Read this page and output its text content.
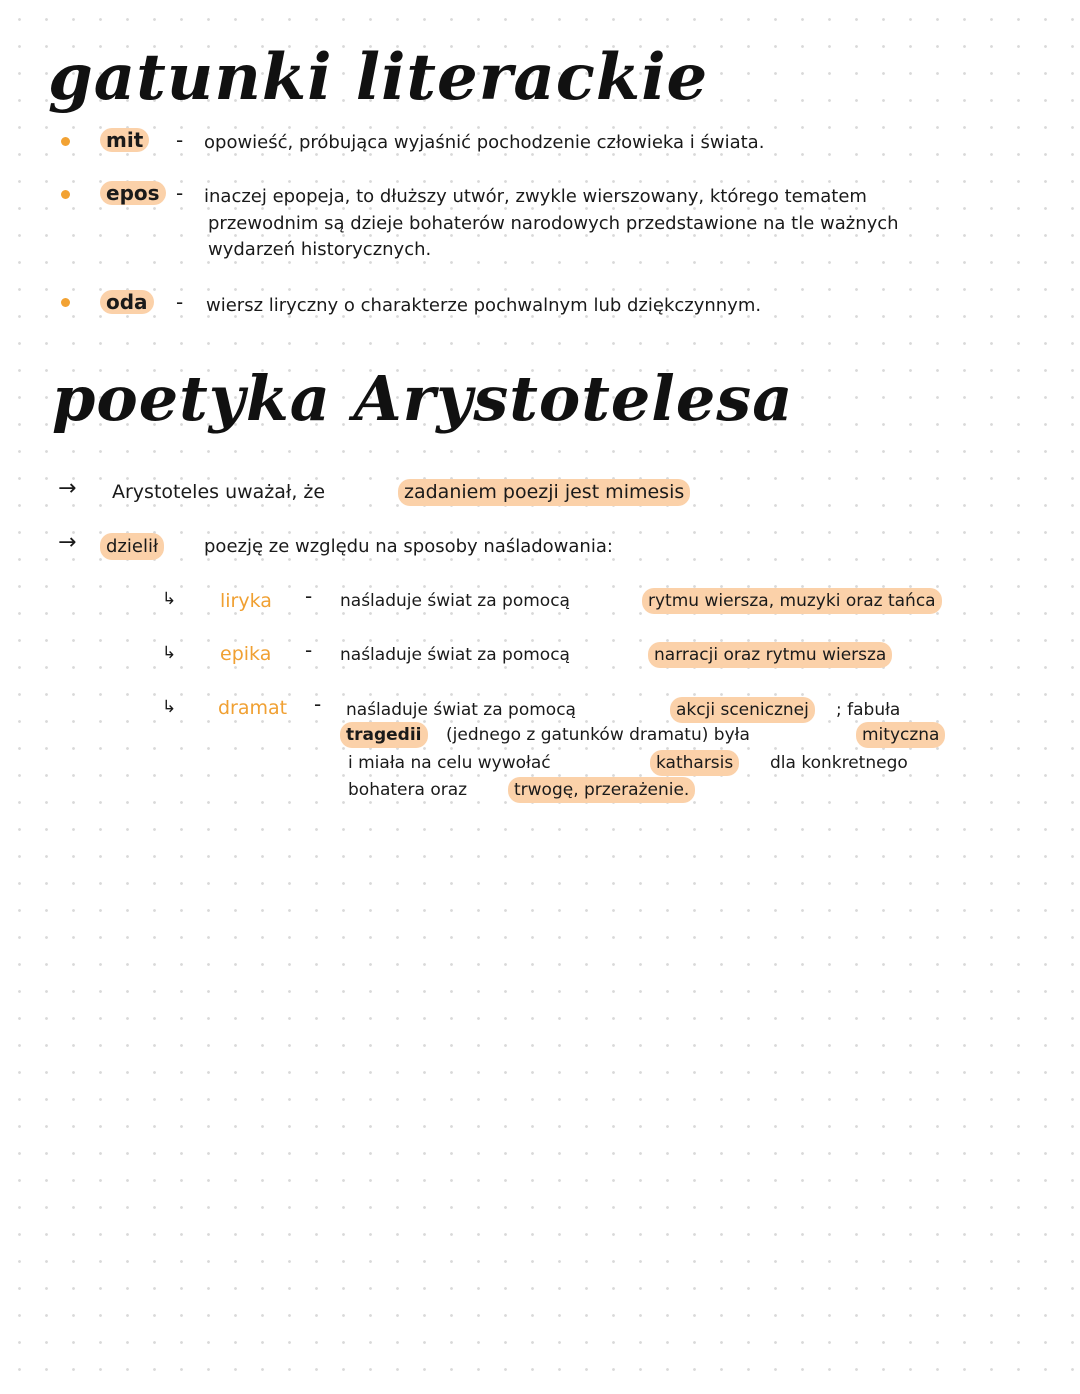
gatunki literackie
mit	- opowieść, próbująca wyjaśnić pochodzenie człowieka i świata.
epos - inaczej epopeja, to dłuższy utwór, zwykle wierszowany, którego tematem
przewodnim są dzieje bohaterów narodowych przedstawione na tle ważnych
wydarzeń historycznych.
oda	- wiersz liryczny o charakterze pochwalnym lub dziękczynnym.
poetyka Arystotelesa
→ Arystoteles uważał, że	zadaniem poezji jest mimesis
→	dzielił	poezję ze względu na sposoby naśladowania:
↳ liryka - naśladuje świat za pomocą	rytmu wiersza, muzyki oraz tańca
↳ epika - naśladuje świat za pomocą	narracji oraz rytmu wiersza
↳ dramat - naśladuje świat za pomocą	akcji scenicznej	; fabuła
tragedii	(jednego z gatunków dramatu) była	mityczna
i miała na celu wywołać	katharsis	dla konkretnego
bohatera oraz	trwogę, przerażenie.
